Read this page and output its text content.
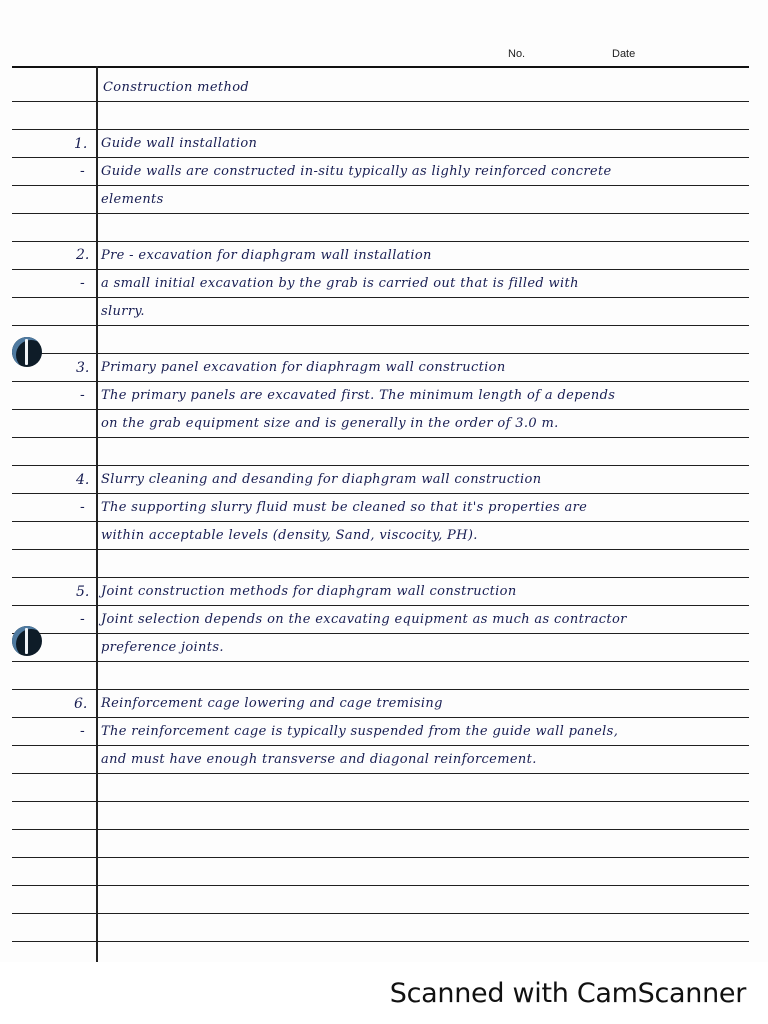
No.	Date
Construction method
1. Guide wall installation
- Guide walls are constructed in-situ typically as lighly reinforced concrete
elements
2. Pre - excavation for diaphgram wall installation
- a small initial excavation by the grab is carried out that is filled with
slurry.
3. Primary panel excavation for diaphragm wall construction
- The primary panels are excavated first. The minimum length of a depends
on the grab equipment size and is generally in the order of 3.0 m.
4. Slurry cleaning and desanding for diaphgram wall construction
- The supporting slurry fluid must be cleaned so that it's properties are
within acceptable levels (density, Sand, viscocity, PH).
5. Joint construction methods for diaphgram wall construction
- Joint selection depends on the excavating equipment as much as contractor
preference joints.
6. Reinforcement cage lowering and cage tremising
- The reinforcement cage is typically suspended from the guide wall panels,
and must have enough transverse and diagonal reinforcement.
Scanned with CamScanner
